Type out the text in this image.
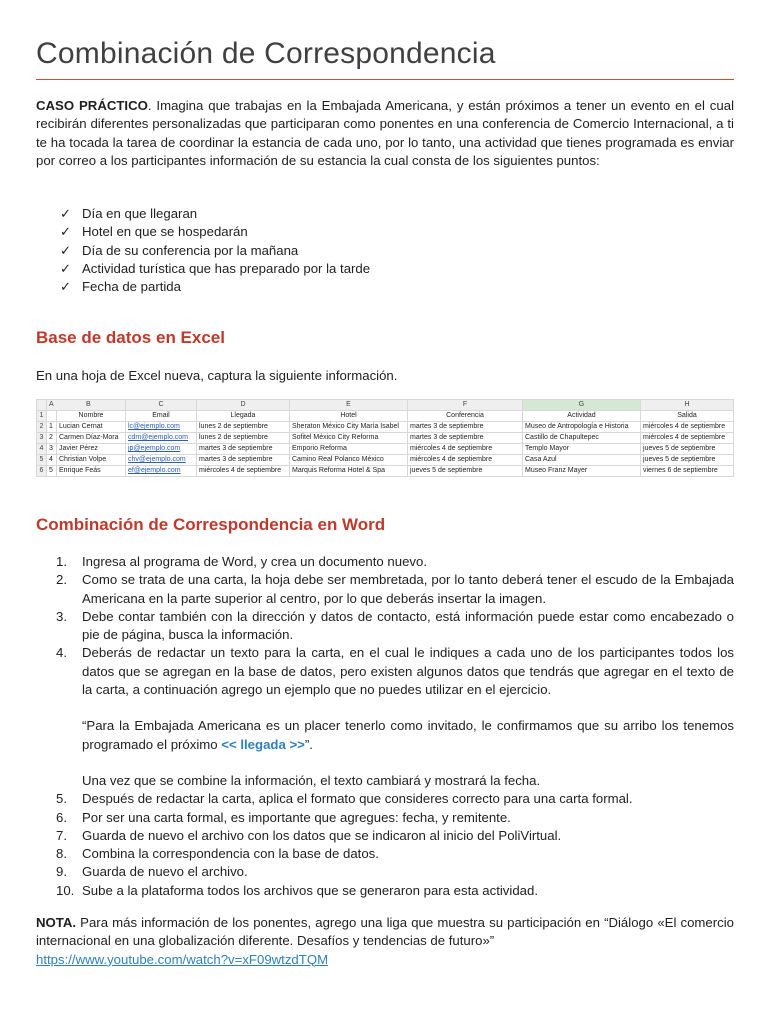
Combinación de Correspondencia

CASO PRÁCTICO. Imagina que trabajas en la Embajada Americana, y están próximos a tener un evento en el cual recibirán diferentes personalizadas que participaran como ponentes en una conferencia de Comercio Internacional, a ti te ha tocada la tarea de coordinar la estancia de cada uno, por lo tanto, una actividad que tienes programada es enviar por correo a los participantes información de su estancia la cual consta de los siguientes puntos:

✓ Día en que llegaran
✓ Hotel en que se hospedarán
✓ Día de su conferencia por la mañana
✓ Actividad turística que has preparado por la tarde
✓ Fecha de partida
Base de datos en Excel
En una hoja de Excel nueva, captura la siguiente información.

	A B		C	D	E	F	G	H
1		Nombre	Email	Llegada	Hotel	Conferencia	Actividad	Salida
2	1	Lucian Cernat	lc@ejemplo.com	lunes 2 de septiembre	Sheraton México City María Isabel	martes 3 de septiembre	Museo de Antropología e Historia	miércoles 4 de septiembre
3	2	Carmen Díaz-Mora	cdm@ejemplo.com	lunes 2 de septiembre	Sofitel México City Reforma	martes 3 de septiembre	Castillo de Chapultepec	miércoles 4 de septiembre
4	3	Javier Pérez	jp@ejemplo.com	martes 3 de septiembre	Emporio Reforma	miércoles 4 de septiembre	Templo Mayor	jueves 5 de septiembre
5	4	Christian Volpe	chv@ejemplo.com	martes 3 de septiembre	Camino Real Polanco México	miércoles 4 de septiembre	Casa Azul	jueves 5 de septiembre
6	5	Enrique Feás	ef@ejemplo.com	miércoles 4 de septiembre	Marquis Reforma Hotel & Spa	jueves 5 de septiembre	Museo Franz Mayer	viernes 6 de septiembre
Combinación de Correspondencia en Word
1. Ingresa al programa de Word, y crea un documento nuevo.
2. Como se trata de una carta, la hoja debe ser membretada, por lo tanto deberá tener el escudo de la Embajada Americana en la parte superior al centro, por lo que deberás insertar la imagen.
3. Debe contar también con la dirección y datos de contacto, está información puede estar como encabezado o pie de página, busca la información.
4. Deberás de redactar un texto para la carta, en el cual le indiques a cada uno de los participantes todos los datos que se agregan en la base de datos, pero existen algunos datos que tendrás que agregar en el texto de la carta, a continuación agrego un ejemplo que no puedes utilizar en el ejercicio.
“Para la Embajada Americana es un placer tenerlo como invitado, le confirmamos que su arribo los tenemos programado el próximo << llegada >>”.
Una vez que se combine la información, el texto cambiará y mostrará la fecha.
5. Después de redactar la carta, aplica el formato que consideres correcto para una carta formal.
6. Por ser una carta formal, es importante que agregues: fecha, y remitente.
7. Guarda de nuevo el archivo con los datos que se indicaron al inicio del PoliVirtual.
8. Combina la correspondencia con la base de datos.
9. Guarda de nuevo el archivo.
10. Sube a la plataforma todos los archivos que se generaron para esta actividad.

NOTA. Para más información de los ponentes, agrego una liga que muestra su participación en “Diálogo «El comercio internacional en una globalización diferente. Desafíos y tendencias de futuro»”
https://www.youtube.com/watch?v=xF09wtzdTQM
